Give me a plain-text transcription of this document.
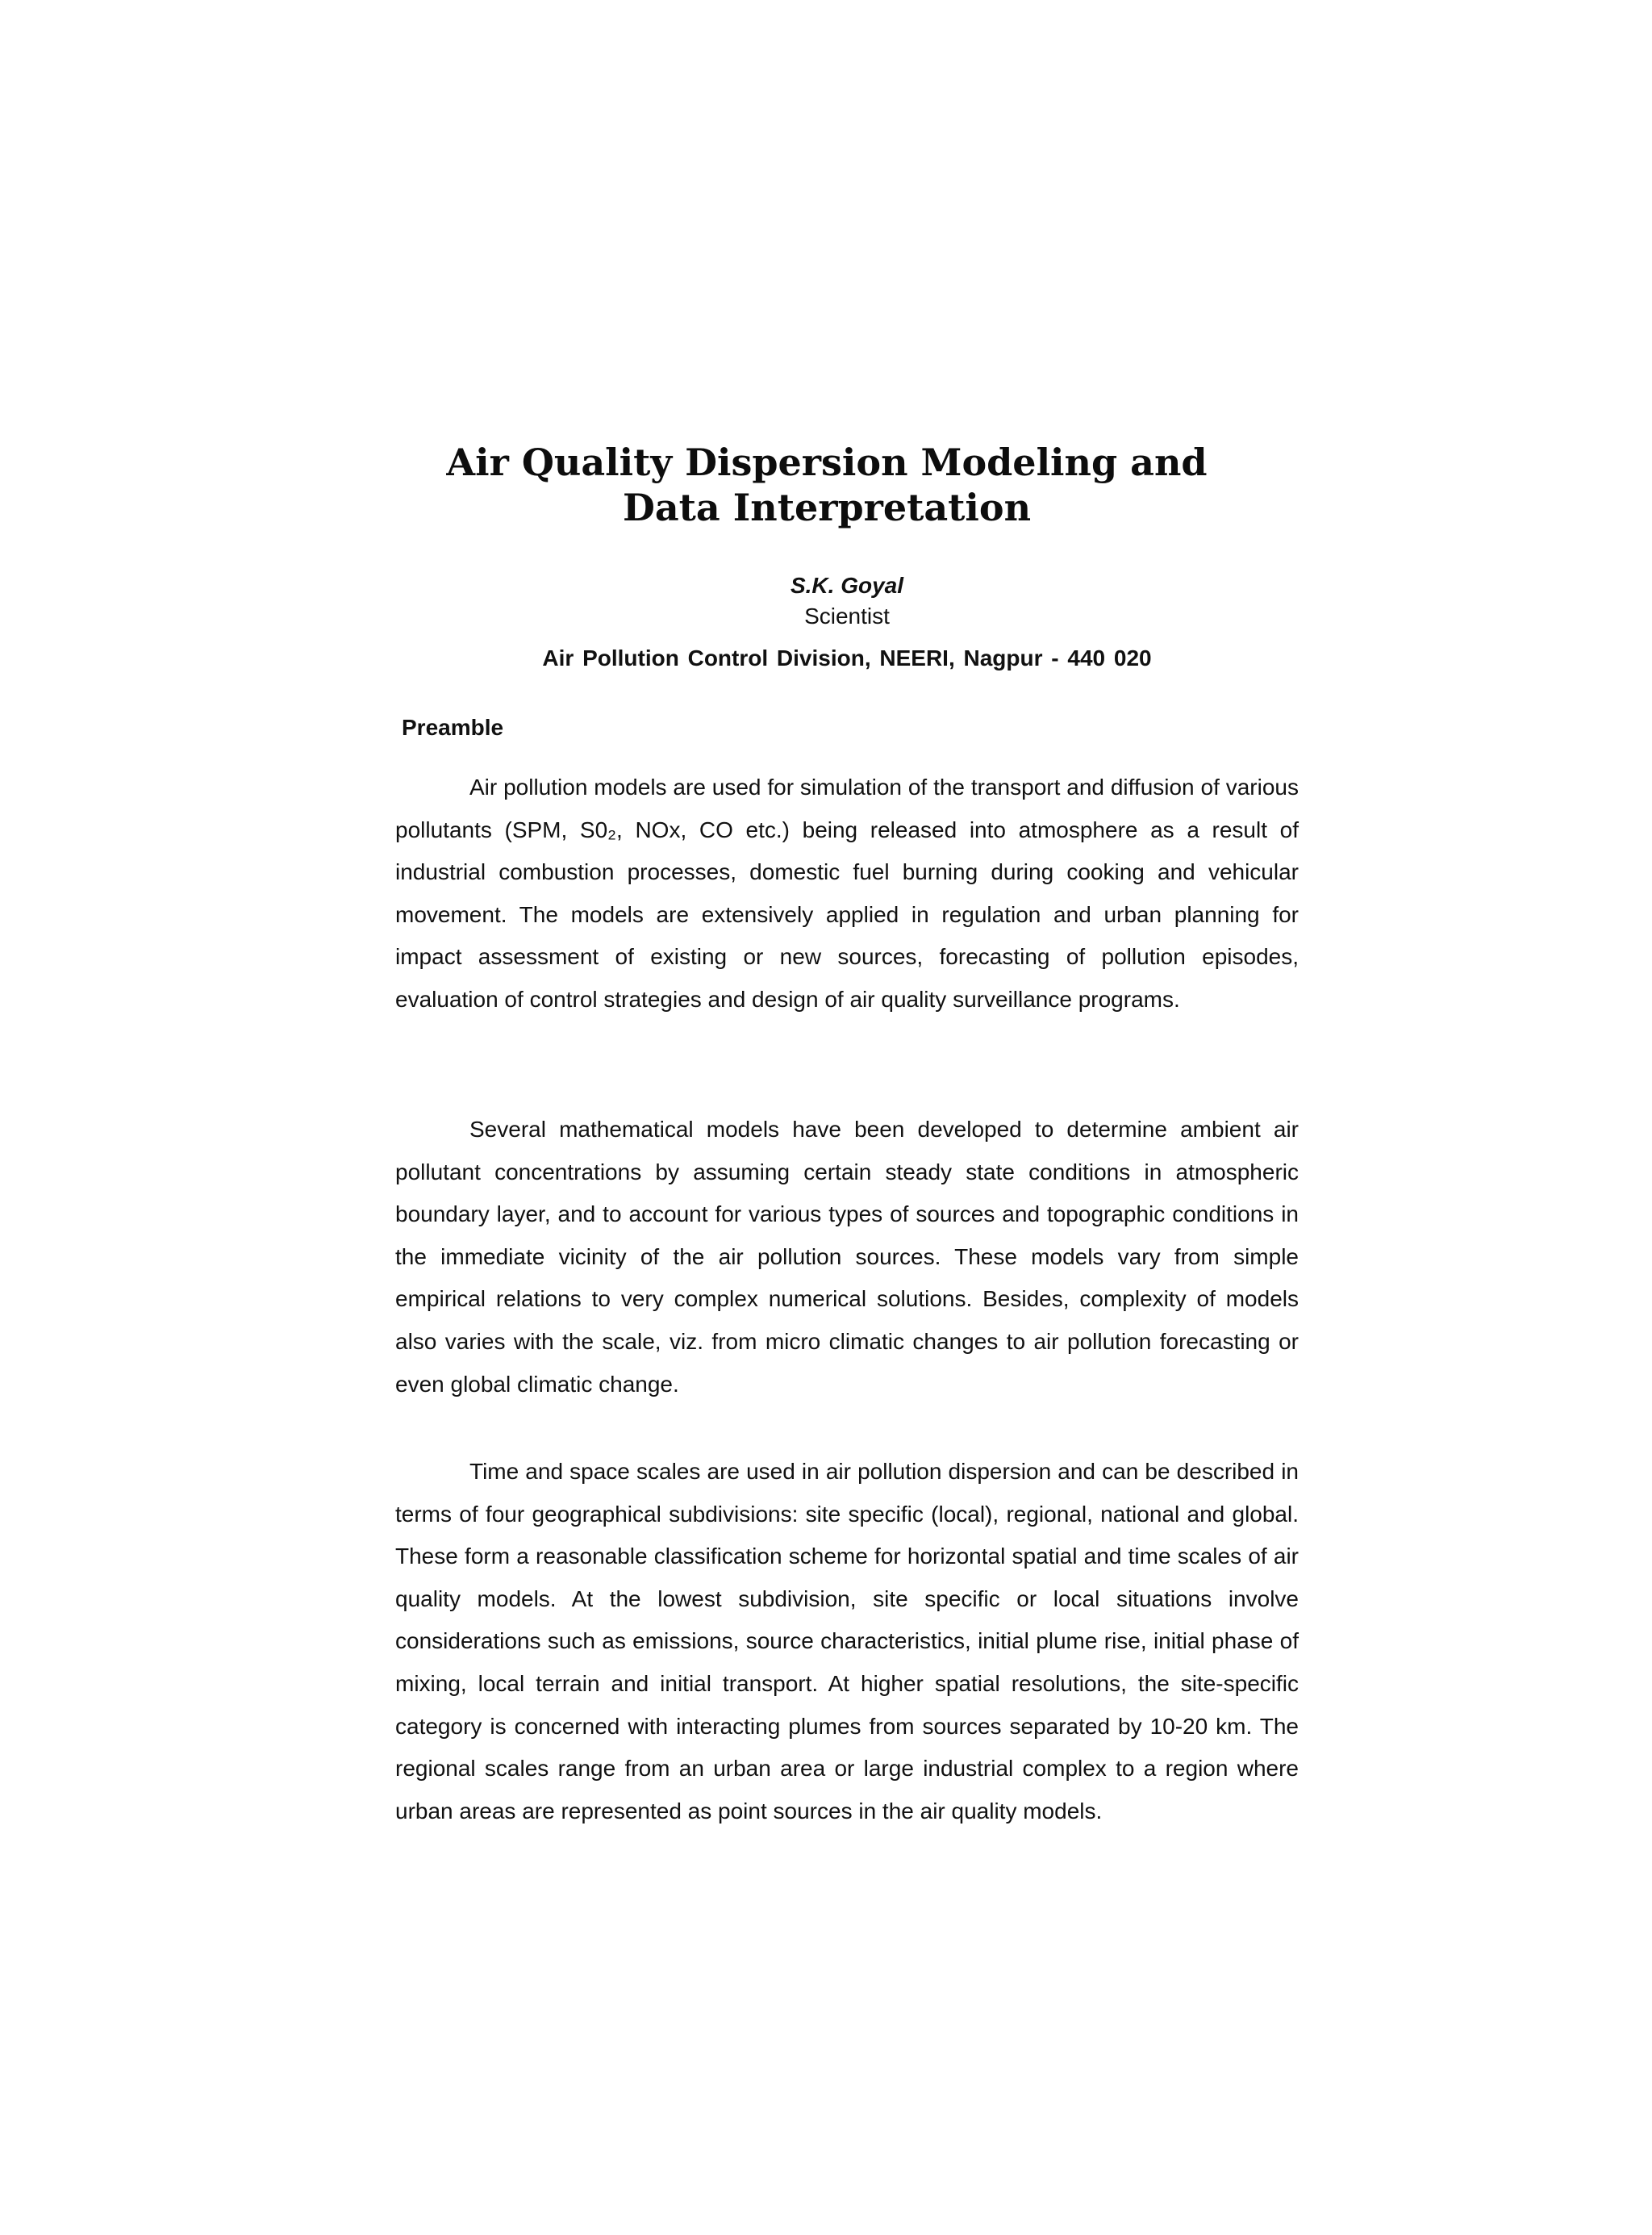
Air Quality Dispersion Modeling and
Data Interpretation
S.K. Goyal
Scientist
Air Pollution Control Division, NEERI, Nagpur - 440 020
Preamble

Air pollution models are used for simulation of the transport and diffusion of various pollutants (SPM, S0₂, NOx, CO etc.) being released into atmosphere as a result of industrial combustion processes, domestic fuel burning during cooking and vehicular movement. The models are extensively applied in regulation and urban planning for impact assessment of existing or new sources, forecasting of pollution episodes, evaluation of control strategies and design of air quality surveillance programs.

Several mathematical models have been developed to determine ambient air pollutant concentrations by assuming certain steady state conditions in atmospheric boundary layer, and to account for various types of sources and topographic conditions in the immediate vicinity of the air pollution sources. These models vary from simple empirical relations to very complex numerical solutions. Besides, complexity of models also varies with the scale, viz. from micro climatic changes to air pollution forecasting or even global climatic change.

Time and space scales are used in air pollution dispersion and can be described in terms of four geographical subdivisions: site specific (local), regional, national and global. These form a reasonable classification scheme for horizontal spatial and time scales of air quality models. At the lowest subdivision, site specific or local situations involve considerations such as emissions, source characteristics, initial plume rise, initial phase of mixing, local terrain and initial transport. At higher spatial resolutions, the site-specific category is concerned with interacting plumes from sources separated by 10-20 km. The regional scales range from an urban area or large industrial complex to a region where urban areas are represented as point sources in the air quality models.
